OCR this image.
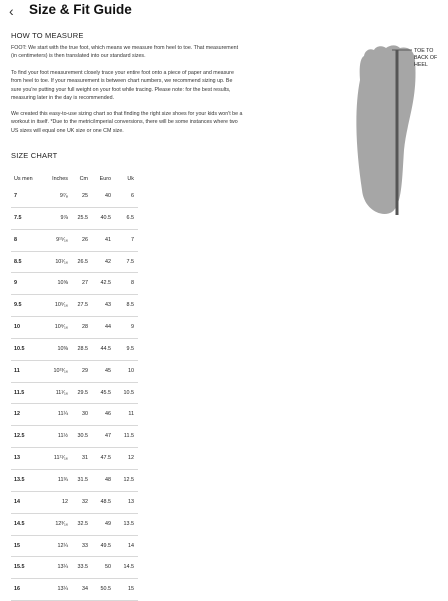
‹ Size & Fit Guide
HOW TO MEASURE
FOOT: We start with the true foot, which means we measure from heel to toe. That measurement (in centimeters) is then translated into our standard sizes.
To find your foot measurement closely trace your entire foot onto a piece of paper and measure from heel to toe. If your measurement is between chart numbers, we recommend sizing up. Be sure you're putting your full weight on your foot while tracing. Please note: for the best results, measuring later in the day is recommended.
We created this easy-to-use sizing chart so that finding the right size shoes for your kids won't be a workout in itself. *Due to the metric/imperial conversions, there will be some instances where two US sizes will equal one UK size or one CM size.
TOE TO BACK OF HEEL
SIZE CHART
Us men	Inches Cm Euro	Uk
7	9⁷⁄₈	25	40	6
7.5	9⅞ 25.5 40.5	6.5
8	9¹⁵⁄₁₆	26	41	7
8.5	10¹⁄₁₆ 26.5	42	7.5
9	10⅝	27 42.5	8
9.5	10⁵⁄₁₆ 27.5	43	8.5
10	10⁹⁄₁₆	28	44	9
10.5	10⅜ 28.5 44.5	9.5
11	10¹³⁄₁₆	29	45	10
11.5	11¹⁄₁₆ 29.5 45.5 10.5
12	11¼	30	46	11
12.5	11½ 30.5	47 11.5
13	11¹¹⁄₁₆	31 47.5	12
13.5	11¾ 31.5	48 12.5
14	12	32 48.5	13
14.5	12³⁄₁₆ 32.5	49 13.5
15	12¼	33 49.5	14
15.5	13¼ 33.5	50 14.5
16	13¼	34 50.5	15
